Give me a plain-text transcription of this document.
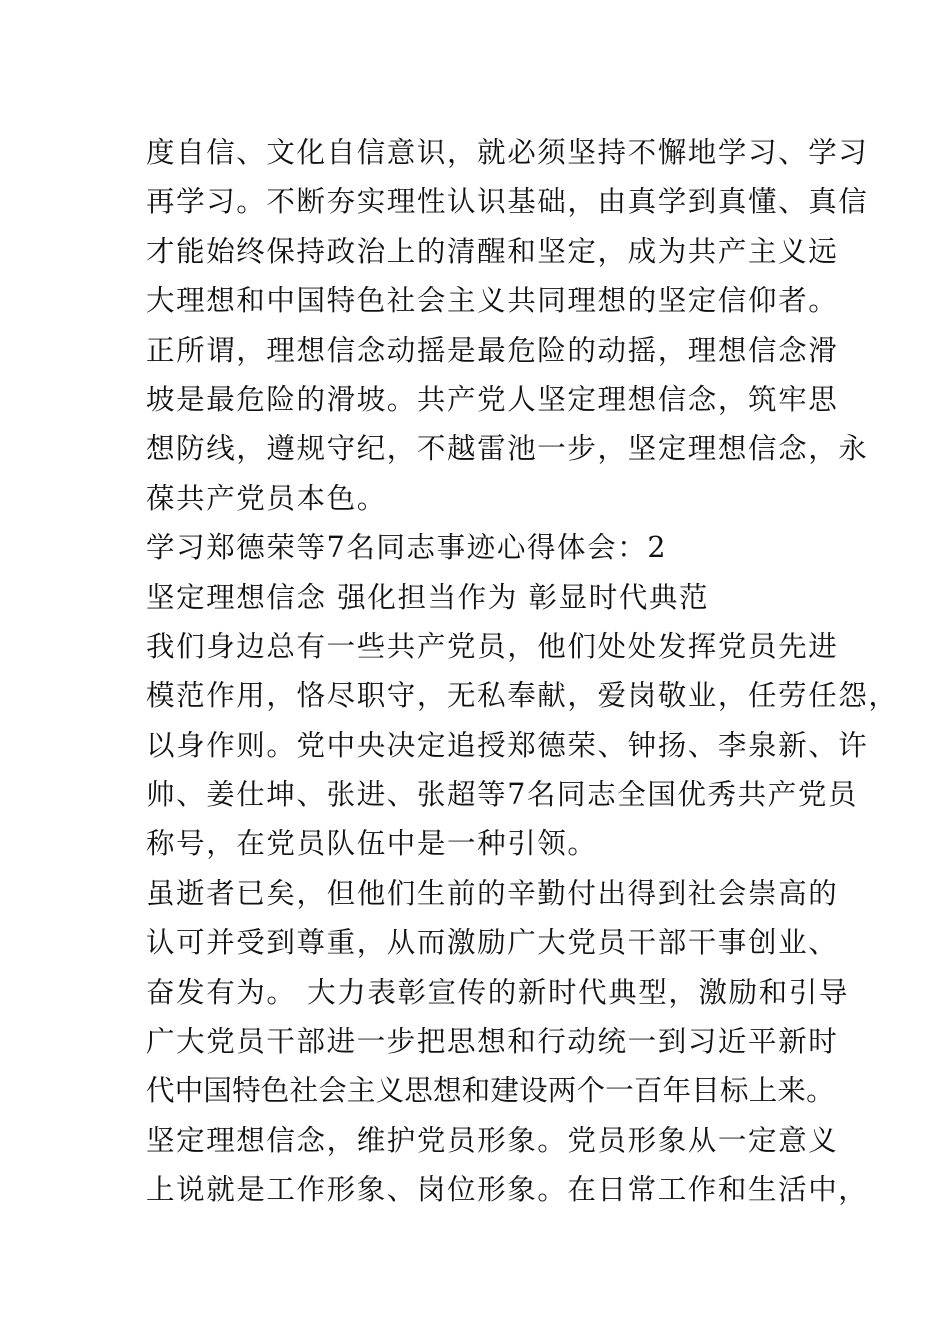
度自信、文化自信意识，就必须坚持不懈地学习、学习
再学习。不断夯实理性认识基础，由真学到真懂、真信
才能始终保持政治上的清醒和坚定，成为共产主义远
大理想和中国特色社会主义共同理想的坚定信仰者。
正所谓，理想信念动摇是最危险的动摇，理想信念滑
坡是最危险的滑坡。共产党人坚定理想信念，筑牢思
想防线，遵规守纪，不越雷池一步，坚定理想信念，永
葆共产党员本色。
学习郑德荣等7名同志事迹心得体会：2
坚定理想信念 强化担当作为 彰显时代典范
我们身边总有一些共产党员，他们处处发挥党员先进
模范作用，恪尽职守，无私奉献，爱岗敬业，任劳任怨，
以身作则。党中央决定追授郑德荣、钟扬、李泉新、许
帅、姜仕坤、张进、张超等7名同志全国优秀共产党员
称号，在党员队伍中是一种引领。
虽逝者已矣，但他们生前的辛勤付出得到社会崇高的
认可并受到尊重，从而激励广大党员干部干事创业、
奋发有为。 大力表彰宣传的新时代典型，激励和引导
广大党员干部进一步把思想和行动统一到习近平新时
代中国特色社会主义思想和建设两个一百年目标上来。
坚定理想信念，维护党员形象。党员形象从一定意义
上说就是工作形象、岗位形象。在日常工作和生活中，
